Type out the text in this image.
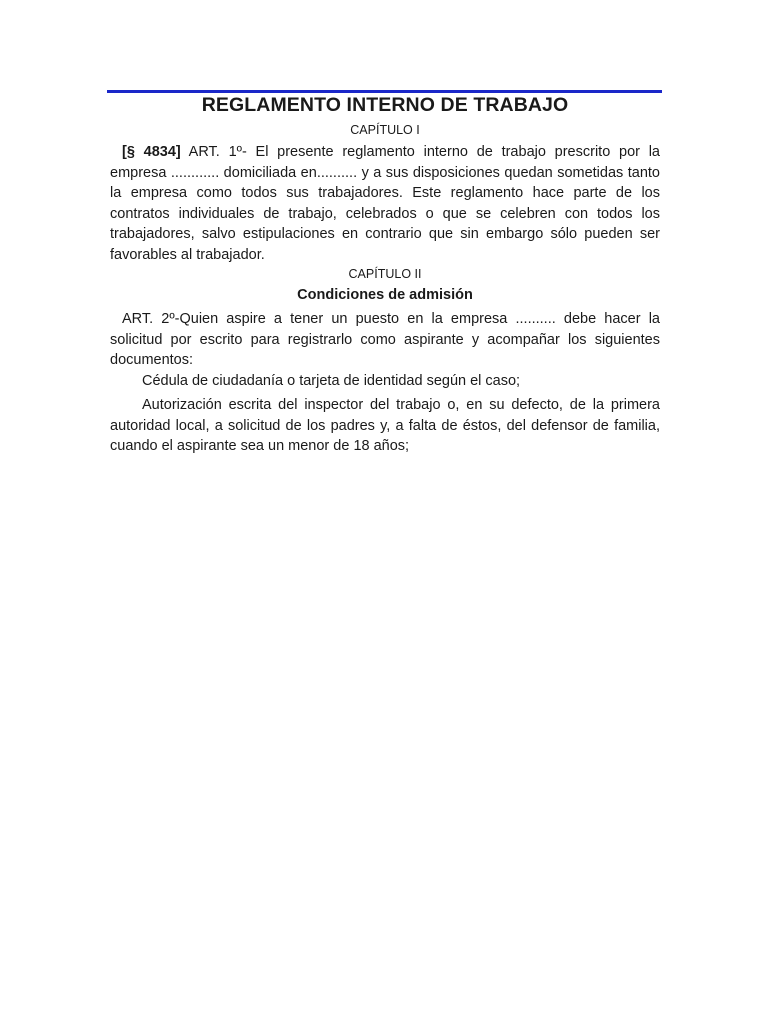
REGLAMENTO INTERNO DE TRABAJO
CAPÍTULO I

[§ 4834] ART. 1º- El presente reglamento interno de trabajo prescrito por la empresa ............ domiciliada en.......... y a sus disposiciones quedan sometidas tanto la empresa como todos sus trabajadores. Este reglamento hace parte de los contratos individuales de trabajo, celebrados o que se celebren con todos los trabajadores, salvo estipulaciones en contrario que sin embargo sólo pueden ser favorables al trabajador.

CAPÍTULO II
Condiciones de admisión

ART. 2º-Quien aspire a tener un puesto en la empresa .......... debe hacer la solicitud por escrito para registrarlo como aspirante y acompañar los siguientes documentos:

Cédula de ciudadanía o tarjeta de identidad según el caso;

Autorización escrita del inspector del trabajo o, en su defecto, de la primera autoridad local, a solicitud de los padres y, a falta de éstos, del defensor de familia, cuando el aspirante sea un menor de 18 años;
